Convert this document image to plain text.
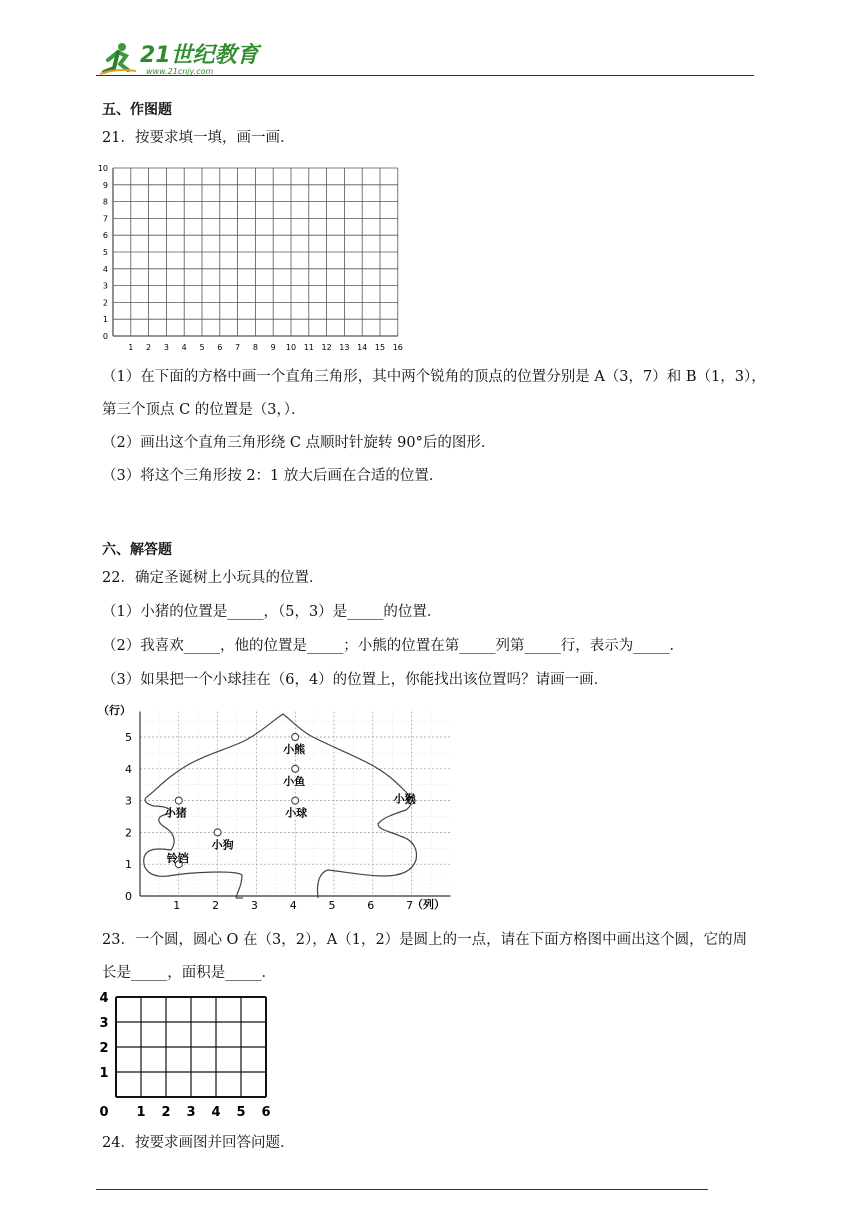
21世纪教育
www.21cnjy.com
五、作图题
21．按要求填一填，画一画．
1 2 3 4 5 6 7 8 9 10 11 12 13 14 15 16
0
1
2
3
4
5
6
7
8
9
10
（1）在下面的方格中画一个直角三角形，其中两个锐角的顶点的位置分别是 A（3，7）和 B（1，3），
第三个顶点 C 的位置是（3，）．
（2）画出这个直角三角形绕 C 点顺时针旋转 90°后的图形．
（3）将这个三角形按 2：1 放大后画在合适的位置．
六、解答题
22．确定圣诞树上小玩具的位置．
（1）小猪的位置是_____，（5，3）是_____的位置．
（2）我喜欢_____，他的位置是_____；小熊的位置在第_____列第_____行，表示为_____．
（3）如果把一个小球挂在（6，4）的位置上，你能找出该位置吗？请画一画．
小熊
小鱼
小猪	小球
小猴
小狗
铃铛
1	2	3	4	5	6	7
0
1
2
3
4
5
（行）
（列）
23．一个圆，圆心 O 在（3，2），A（1，2）是圆上的一点，请在下面方格图中画出这个圆，它的周
长是_____，面积是_____．
0 1 2 3 4 5 6
1
2
3
4
24．按要求画图并回答问题．
